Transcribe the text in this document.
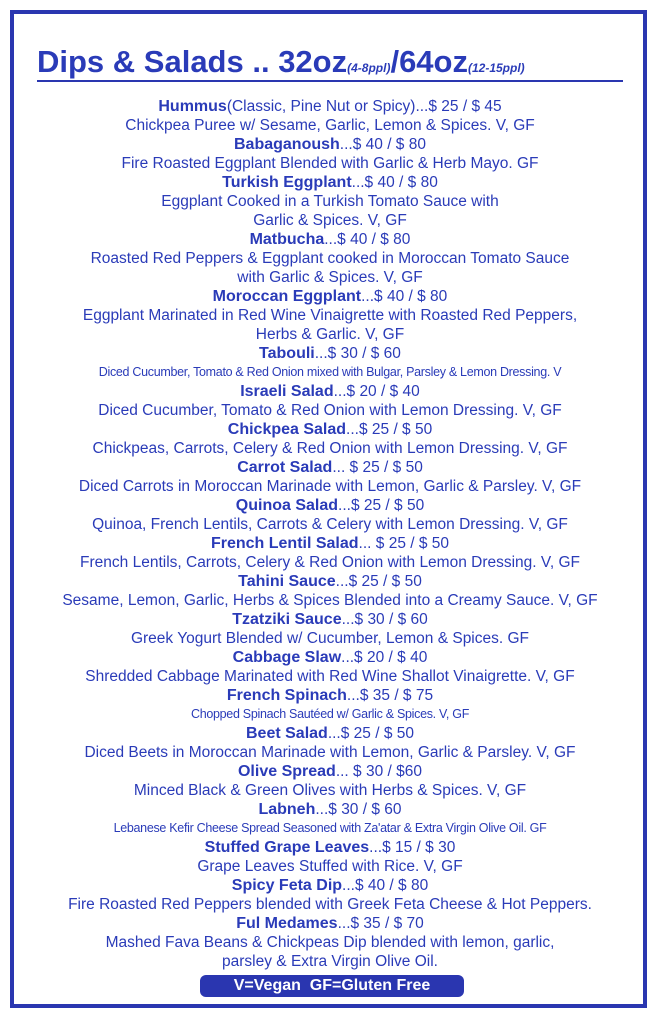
Dips & Salads .. 32oz(4-8ppl)/64oz(12-15ppl)
Hummus(Classic, Pine Nut or Spicy)...$ 25 / $ 45
Chickpea Puree w/ Sesame, Garlic, Lemon & Spices. V, GF
Babaganoush...$ 40 / $ 80
Fire Roasted Eggplant Blended with Garlic & Herb Mayo. GF
Turkish Eggplant...$ 40 / $ 80
Eggplant Cooked in a Turkish Tomato Sauce with
Garlic & Spices. V, GF
Matbucha...$ 40 / $ 80
Roasted Red Peppers & Eggplant cooked in Moroccan Tomato Sauce
with Garlic & Spices. V, GF
Moroccan Eggplant...$ 40 / $ 80
Eggplant Marinated in Red Wine Vinaigrette with Roasted Red Peppers,
Herbs & Garlic. V, GF
Tabouli...$ 30 / $ 60
Diced Cucumber, Tomato & Red Onion mixed with Bulgar, Parsley & Lemon Dressing. V
Israeli Salad...$ 20 / $ 40
Diced Cucumber, Tomato & Red Onion with Lemon Dressing. V, GF
Chickpea Salad...$ 25 / $ 50
Chickpeas, Carrots, Celery & Red Onion with Lemon Dressing. V, GF
Carrot Salad... $ 25 / $ 50
Diced Carrots in Moroccan Marinade with Lemon, Garlic & Parsley. V, GF
Quinoa Salad...$ 25 / $ 50
Quinoa, French Lentils, Carrots & Celery with Lemon Dressing. V, GF
French Lentil Salad... $ 25 / $ 50
French Lentils, Carrots, Celery & Red Onion with Lemon Dressing. V, GF
Tahini Sauce...$ 25 / $ 50
Sesame, Lemon, Garlic, Herbs & Spices Blended into a Creamy Sauce. V, GF
Tzatziki Sauce...$ 30 / $ 60
Greek Yogurt Blended w/ Cucumber, Lemon & Spices. GF
Cabbage Slaw...$ 20 / $ 40
Shredded Cabbage Marinated with Red Wine Shallot Vinaigrette. V, GF
French Spinach...$ 35 / $ 75
Chopped Spinach Sautéed w/ Garlic & Spices. V, GF
Beet Salad...$ 25 / $ 50
Diced Beets in Moroccan Marinade with Lemon, Garlic & Parsley. V, GF
Olive Spread... $ 30 / $60
Minced Black & Green Olives with Herbs & Spices. V, GF
Labneh...$ 30 / $ 60
Lebanese Kefir Cheese Spread Seasoned with Za'atar & Extra Virgin Olive Oil. GF
Stuffed Grape Leaves...$ 15 / $ 30
Grape Leaves Stuffed with Rice. V, GF
Spicy Feta Dip...$ 40 / $ 80
Fire Roasted Red Peppers blended with Greek Feta Cheese & Hot Peppers.
Ful Medames...$ 35 / $ 70
Mashed Fava Beans & Chickpeas Dip blended with lemon, garlic,
parsley & Extra Virgin Olive Oil.
V=Vegan  GF=Gluten Free
